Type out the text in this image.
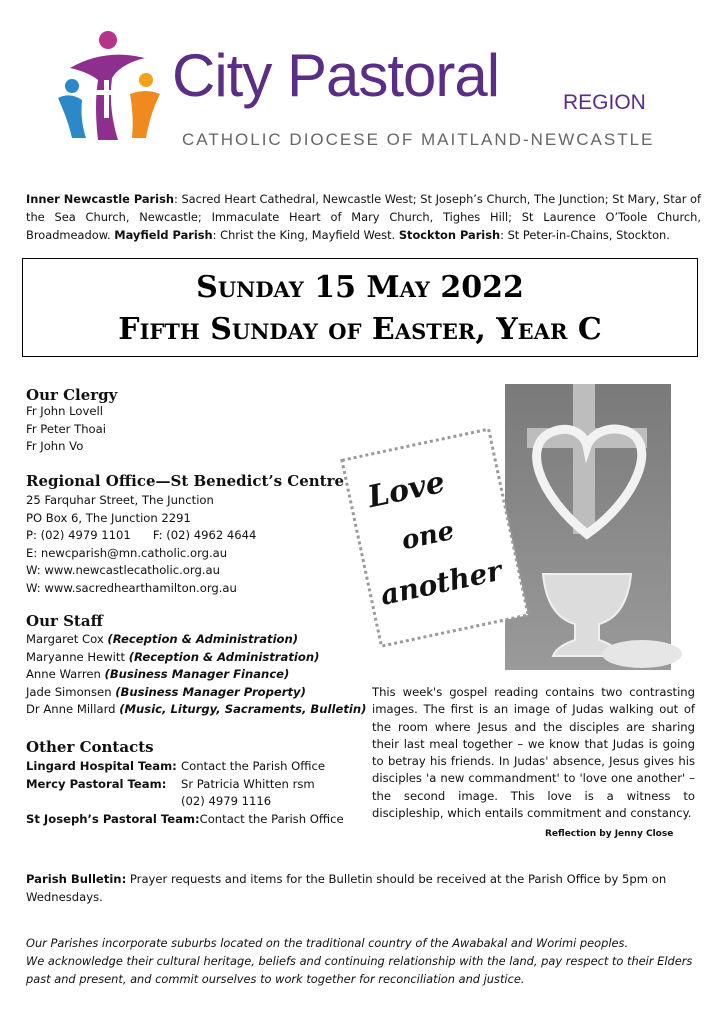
City Pastoral	REGION
CATHOLIC DIOCESE OF MAITLAND-NEWCASTLE
Inner Newcastle Parish: Sacred Heart Cathedral, Newcastle West; St Joseph’s Church, The Junction; St Mary, Star of the Sea Church, Newcastle; Immaculate Heart of Mary Church, Tighes Hill; St Laurence O’Toole Church, Broadmeadow. Mayfield Parish: Christ the King, Mayfield West. Stockton Parish: St Peter-in-Chains, Stockton.
Sunday 15 May 2022
Fifth Sunday of Easter, Year C
Our Clergy
Fr John Lovell
Fr Peter Thoai
Fr John Vo
Regional Office—St Benedict’s Centre
25 Farquhar Street, The Junction
PO Box 6, The Junction 2291
P: (02) 4979 1101      F: (02) 4962 4644
E: newcparish@mn.catholic.org.au
W: www.newcastlecatholic.org.au
W: www.sacredhearthamilton.org.au
Our Staff
Margaret Cox (Reception & Administration)
Maryanne Hewitt (Reception & Administration)
Anne Warren (Business Manager Finance)
Jade Simonsen (Business Manager Property)
Dr Anne Millard (Music, Liturgy, Sacraments, Bulletin)
Other Contacts
Lingard Hospital Team: Contact the Parish Office
Mercy Pastoral Team:	Sr Patricia Whitten rsm
(02) 4979 1116
St Joseph’s Pastoral Team: Contact the Parish Office
Love
one
another
This week's gospel reading contains two contrasting images. The first is an image of Judas walking out of the room where Jesus and the disciples are sharing their last meal together – we know that Judas is going to betray his friends. In Judas' absence, Jesus gives his disciples 'a new commandment' to 'love one another' – the second image. This love is a witness to discipleship, which entails commitment and constancy.
Reflection by Jenny Close
Parish Bulletin: Prayer requests and items for the Bulletin should be received at the Parish Office by 5pm on Wednesdays.
Our Parishes incorporate suburbs located on the traditional country of the Awabakal and Worimi peoples.
We acknowledge their cultural heritage, beliefs and continuing relationship with the land, pay respect to their Elders past and present, and commit ourselves to work together for reconciliation and justice.
